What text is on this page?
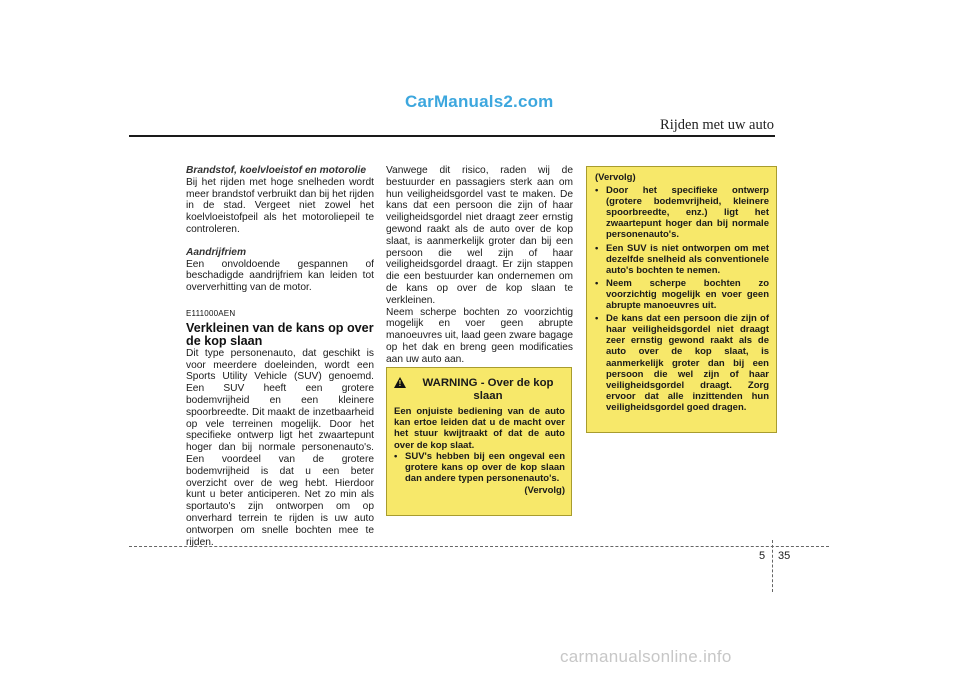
CarManuals2.com
Rijden met uw auto

Brandstof, koelvloeistof en motorolie

Bij het rijden met hoge snelheden wordt meer brandstof verbruikt dan bij het rijden in de stad. Vergeet niet zowel het koelvloeistofpeil als het motoroliepeil te controleren.

Aandrijfriem

Een onvoldoende gespannen of beschadigde aandrijfriem kan leiden tot oververhitting van de motor.

E111000AEN

Verkleinen van de kans op over de kop slaan

Dit type personenauto, dat geschikt is voor meerdere doeleinden, wordt een Sports Utility Vehicle (SUV) genoemd. Een SUV heeft een grotere bodemvrijheid en een kleinere spoorbreedte. Dit maakt de inzetbaarheid op vele terreinen mogelijk. Door het specifieke ontwerp ligt het zwaartepunt hoger dan bij normale personenauto's. Een voordeel van de grotere bodemvrijheid is dat u een beter overzicht over de weg hebt. Hierdoor kunt u beter anticiperen. Net zo min als sportauto's zijn ontworpen om op onverhard terrein te rijden is uw auto ontworpen om snelle bochten mee te rijden.

Vanwege dit risico, raden wij de bestuurder en passagiers sterk aan om hun veiligheidsgordel vast te maken. De kans dat een persoon die zijn of haar veiligheidsgordel niet draagt zeer ernstig gewond raakt als de auto over de kop slaat, is aanmerkelijk groter dan bij een persoon die wel zijn of haar veiligheidsgordel draagt. Er zijn stappen die een bestuurder kan ondernemen om de kans op over de kop slaan te verkleinen.

Neem scherpe bochten zo voorzichtig mogelijk en voer geen abrupte manoeuvres uit, laad geen zware bagage op het dak en breng geen modificaties aan uw auto aan.

!	WARNING - Over de kop slaan
Een onjuiste bediening van de auto kan ertoe leiden dat u de macht over het stuur kwijtraakt of dat de auto over de kop slaat.
• SUV's hebben bij een ongeval een grotere kans op over de kop slaan dan andere typen personenauto's.
(Vervolg)
(Vervolg)
• Door het specifieke ontwerp (grotere bodemvrijheid, kleinere spoorbreedte, enz.) ligt het zwaartepunt hoger dan bij normale personenauto's.
• Een SUV is niet ontworpen om met dezelfde snelheid als conventionele auto's bochten te nemen.
• Neem scherpe bochten zo voorzichtig mogelijk en voer geen abrupte manoeuvres uit.
• De kans dat een persoon die zijn of haar veiligheidsgordel niet draagt zeer ernstig gewond raakt als de auto over de kop slaat, is aanmerkelijk groter dan bij een persoon die wel zijn of haar veiligheidsgordel draagt. Zorg ervoor dat alle inzittenden hun veiligheidsgordel goed dragen.
5 35
carmanualsonline.info
